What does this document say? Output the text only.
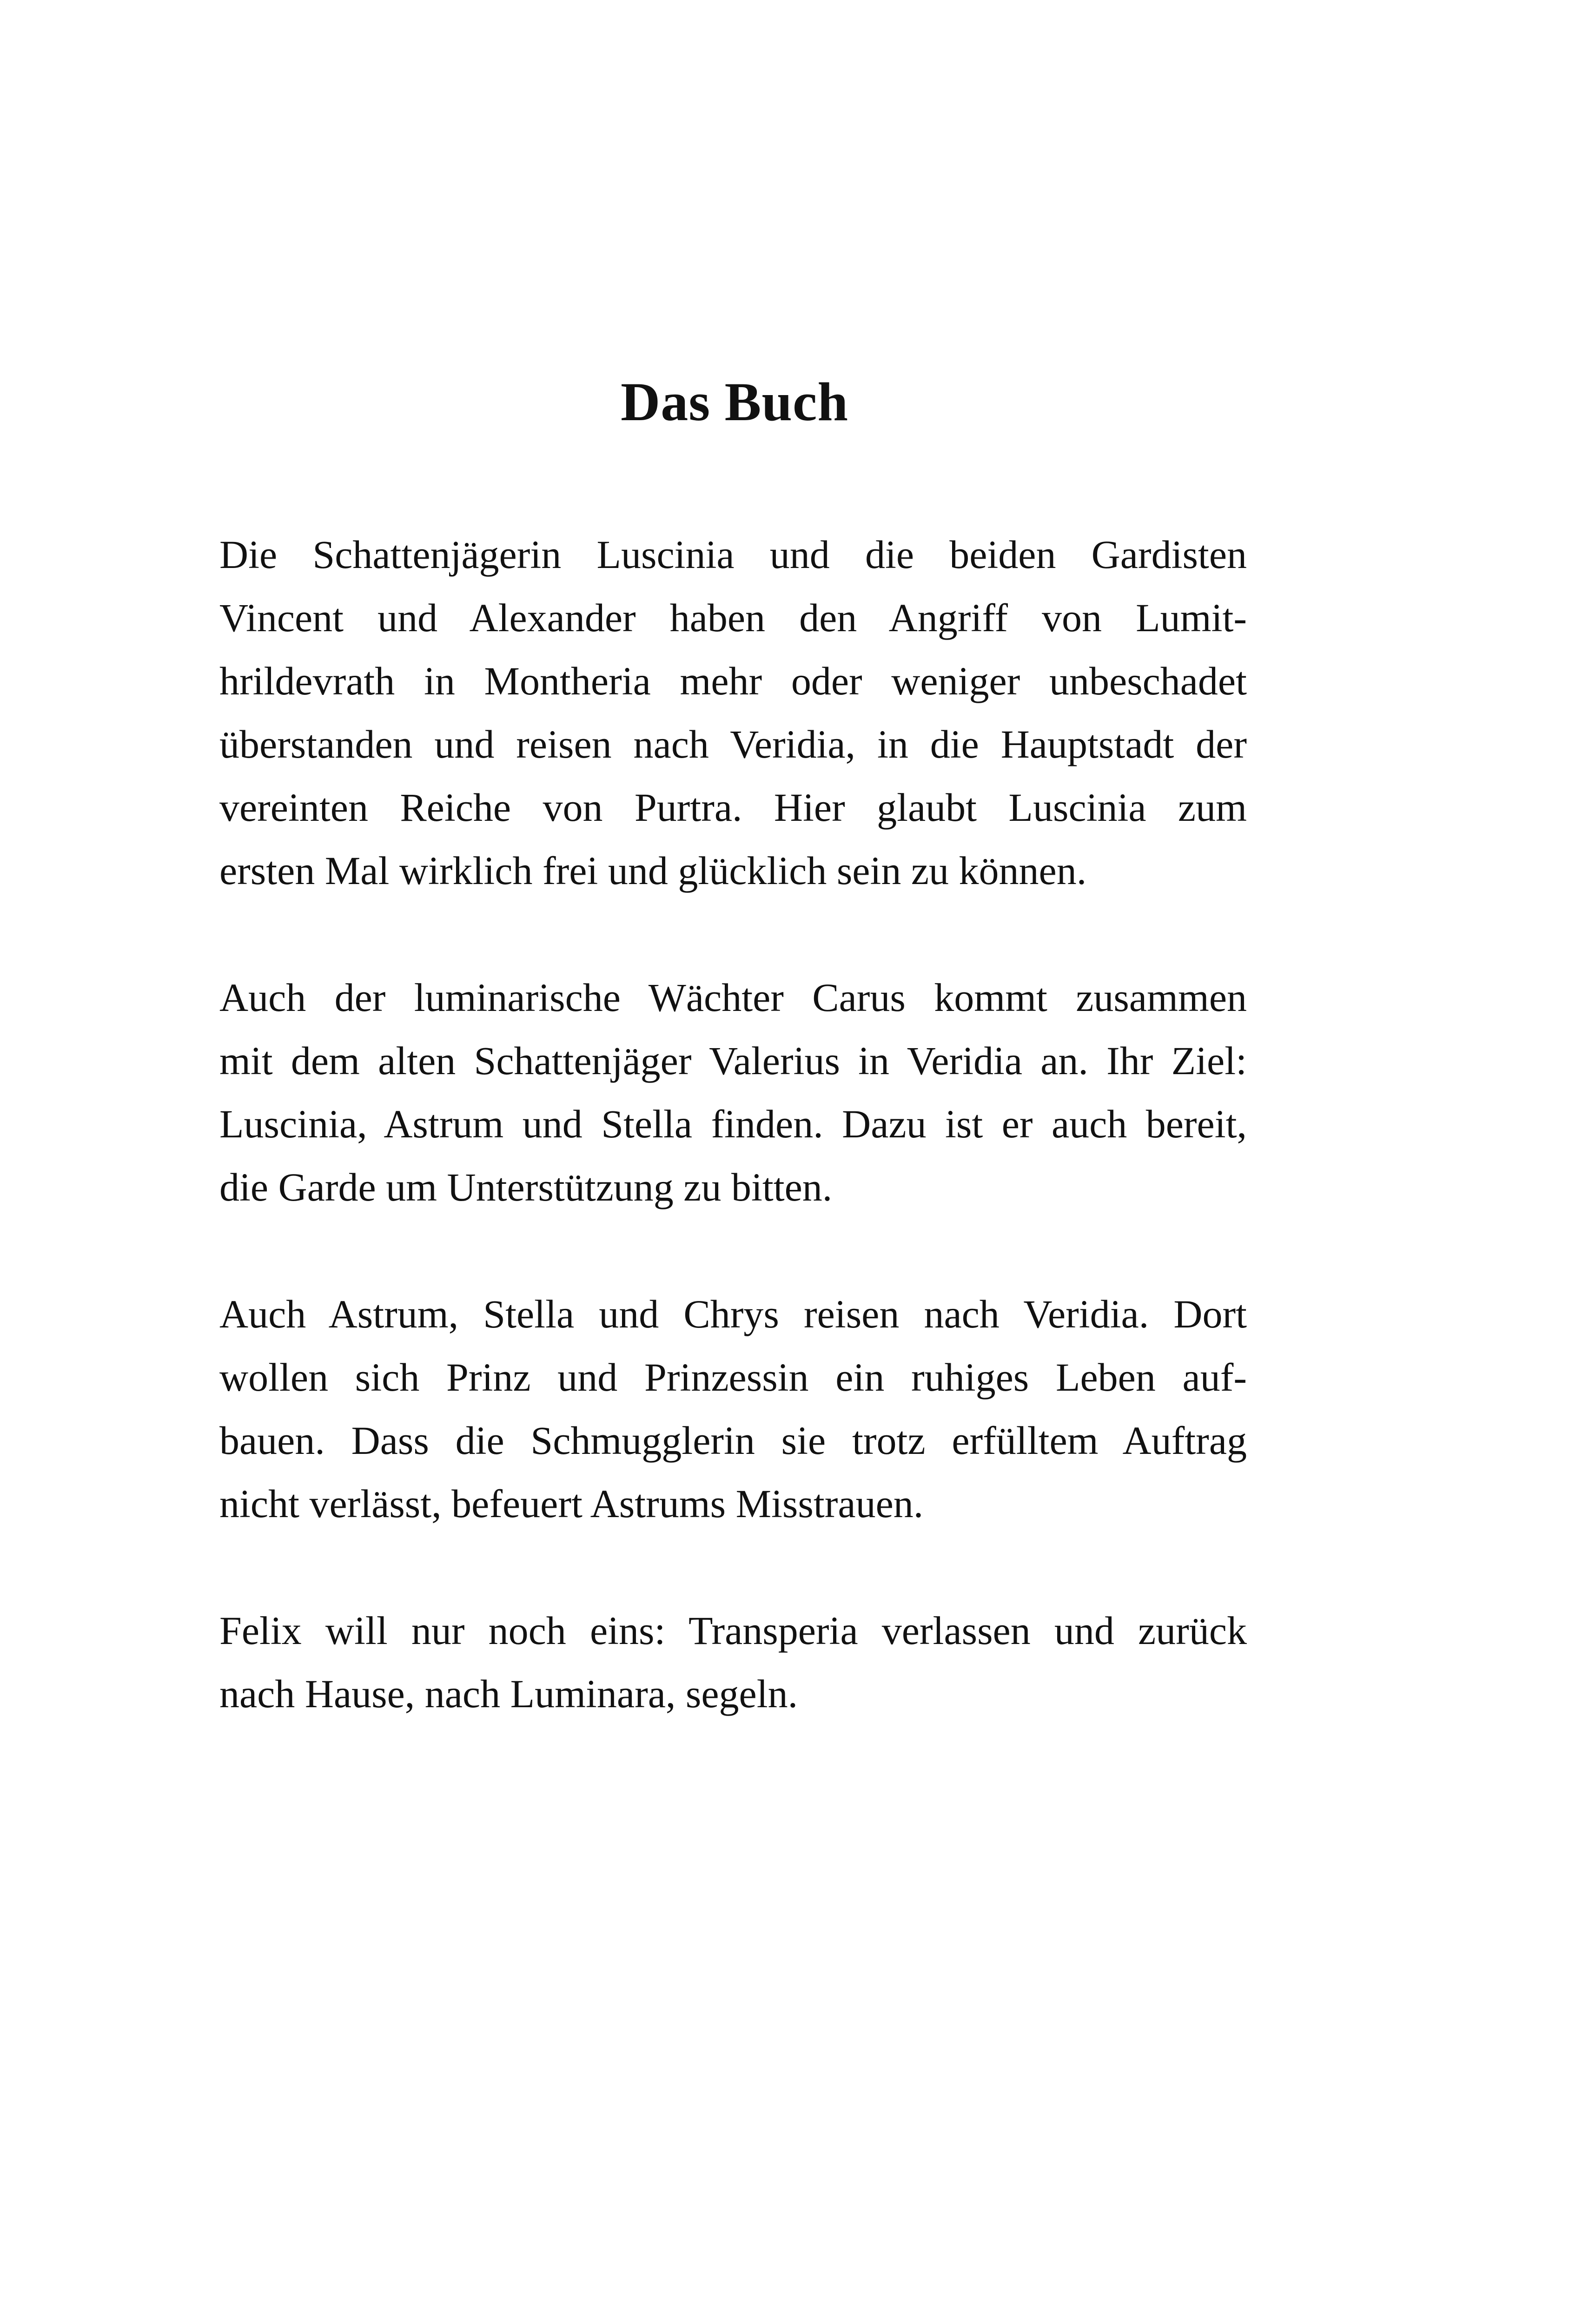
Das Buch

Die Schattenjägerin Luscinia und die beiden Gardisten
Vincent und Alexander haben den Angriff von Lumit-
hrildevrath in Montheria mehr oder weniger unbeschadet
überstanden und reisen nach Veridia, in die Hauptstadt der
vereinten Reiche von Purtra. Hier glaubt Luscinia zum
ersten Mal wirklich frei und glücklich sein zu können.

Auch der luminarische Wächter Carus kommt zusammen
mit dem alten Schattenjäger Valerius in Veridia an. Ihr Ziel:
Luscinia, Astrum und Stella finden. Dazu ist er auch bereit,
die Garde um Unterstützung zu bitten.

Auch Astrum, Stella und Chrys reisen nach Veridia. Dort
wollen sich Prinz und Prinzessin ein ruhiges Leben auf-
bauen. Dass die Schmugglerin sie trotz erfülltem Auftrag
nicht verlässt, befeuert Astrums Misstrauen.

Felix will nur noch eins: Transperia verlassen und zurück
nach Hause, nach Luminara, segeln.
